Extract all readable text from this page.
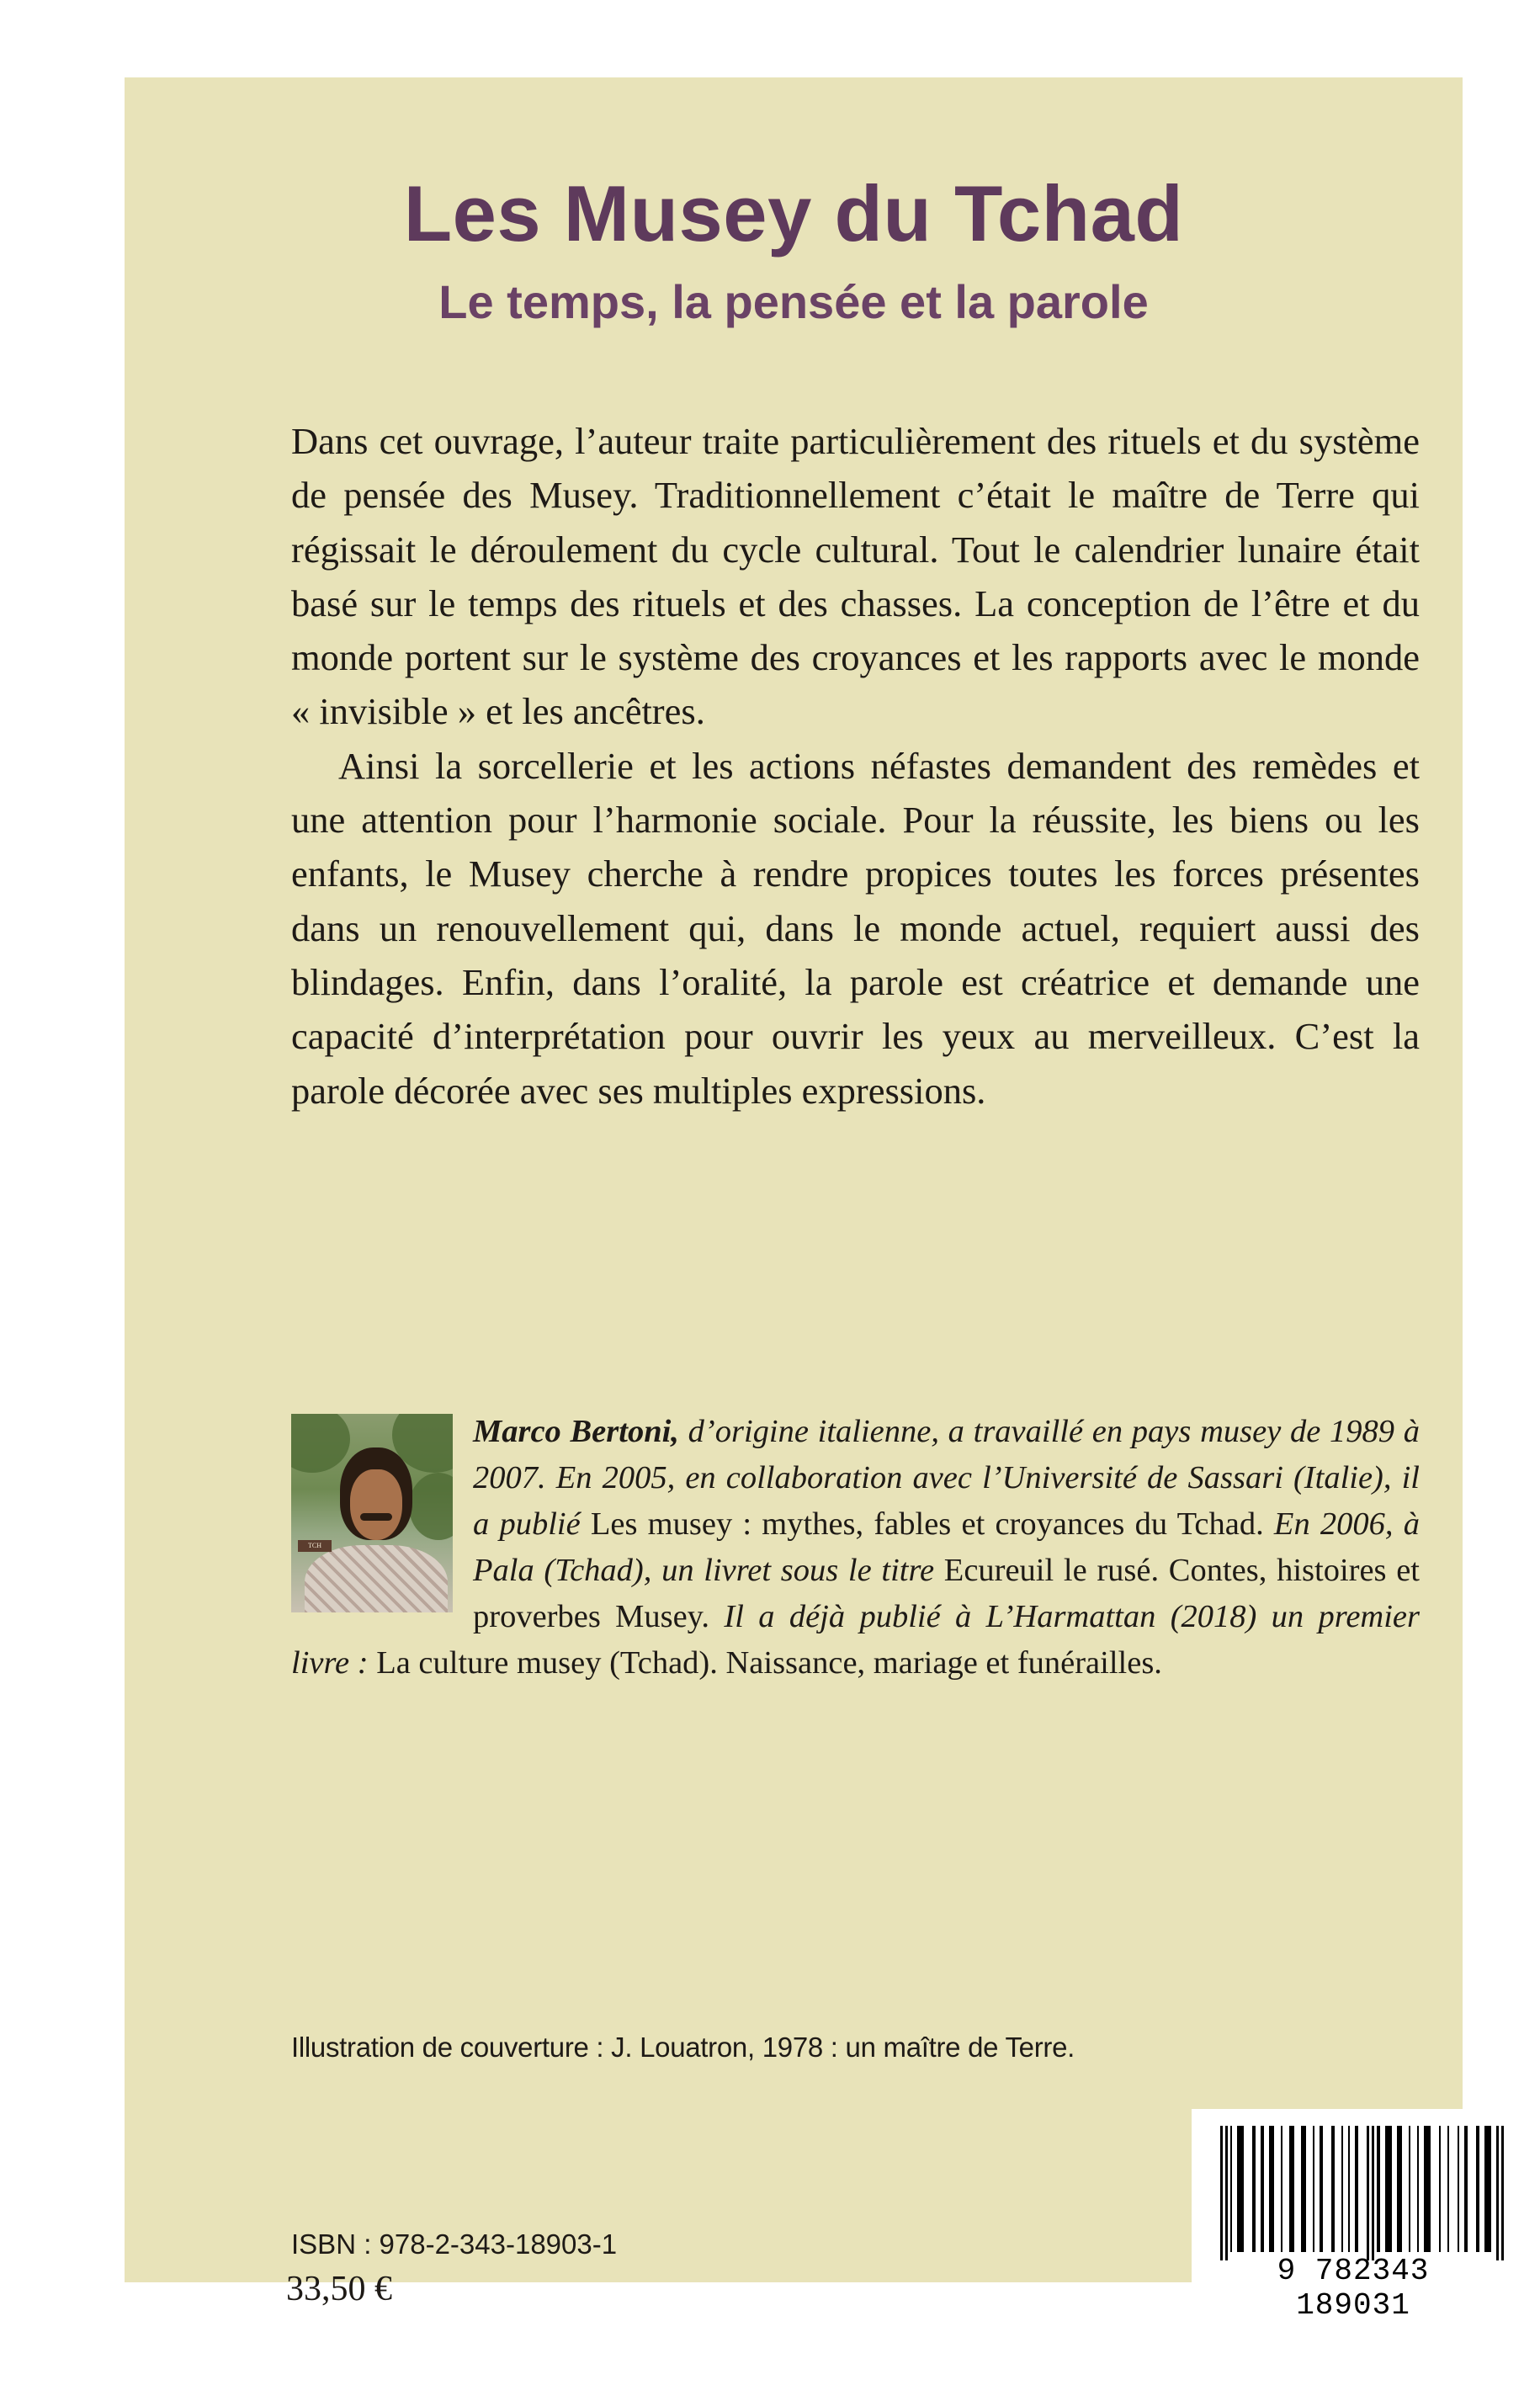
Les Musey du Tchad
Le temps, la pensée et la parole

Dans cet ouvrage, l’auteur traite particulièrement des rituels et du système de pensée des Musey. Traditionnellement c’était le maître de Terre qui régissait le déroulement du cycle cultural. Tout le calendrier lunaire était basé sur le temps des rituels et des chasses. La conception de l’être et du monde portent sur le système des croyances et les rapports avec le monde « invisible » et les ancêtres.

Ainsi la sorcellerie et les actions néfastes demandent des remèdes et une attention pour l’harmonie sociale. Pour la réussite, les biens ou les enfants, le Musey cherche à rendre propices toutes les forces présentes dans un renouvellement qui, dans le monde actuel, requiert aussi des blindages. Enfin, dans l’oralité, la parole est créatrice et demande une capacité d’interprétation pour ouvrir les yeux au merveilleux. C’est la parole décorée avec ses multiples expressions.

TCH
Marco Bertoni, d’origine italienne, a travaillé en pays musey de 1989 à 2007. En 2005, en collaboration avec l’Université de Sassari (Italie), il a publié Les musey : mythes, fables et croyances du Tchad. En 2006, à Pala (Tchad), un livret sous le titre Ecureuil le rusé. Contes, histoires et proverbes Musey. Il a déjà publié à L’Harmattan (2018) un premier livre : La culture musey (Tchad). Naissance, mariage et funérailles.

Illustration de couverture : J. Louatron, 1978 : un maître de Terre.

9 782343 189031

ISBN : 978-2-343-18903-1

33,50 €
